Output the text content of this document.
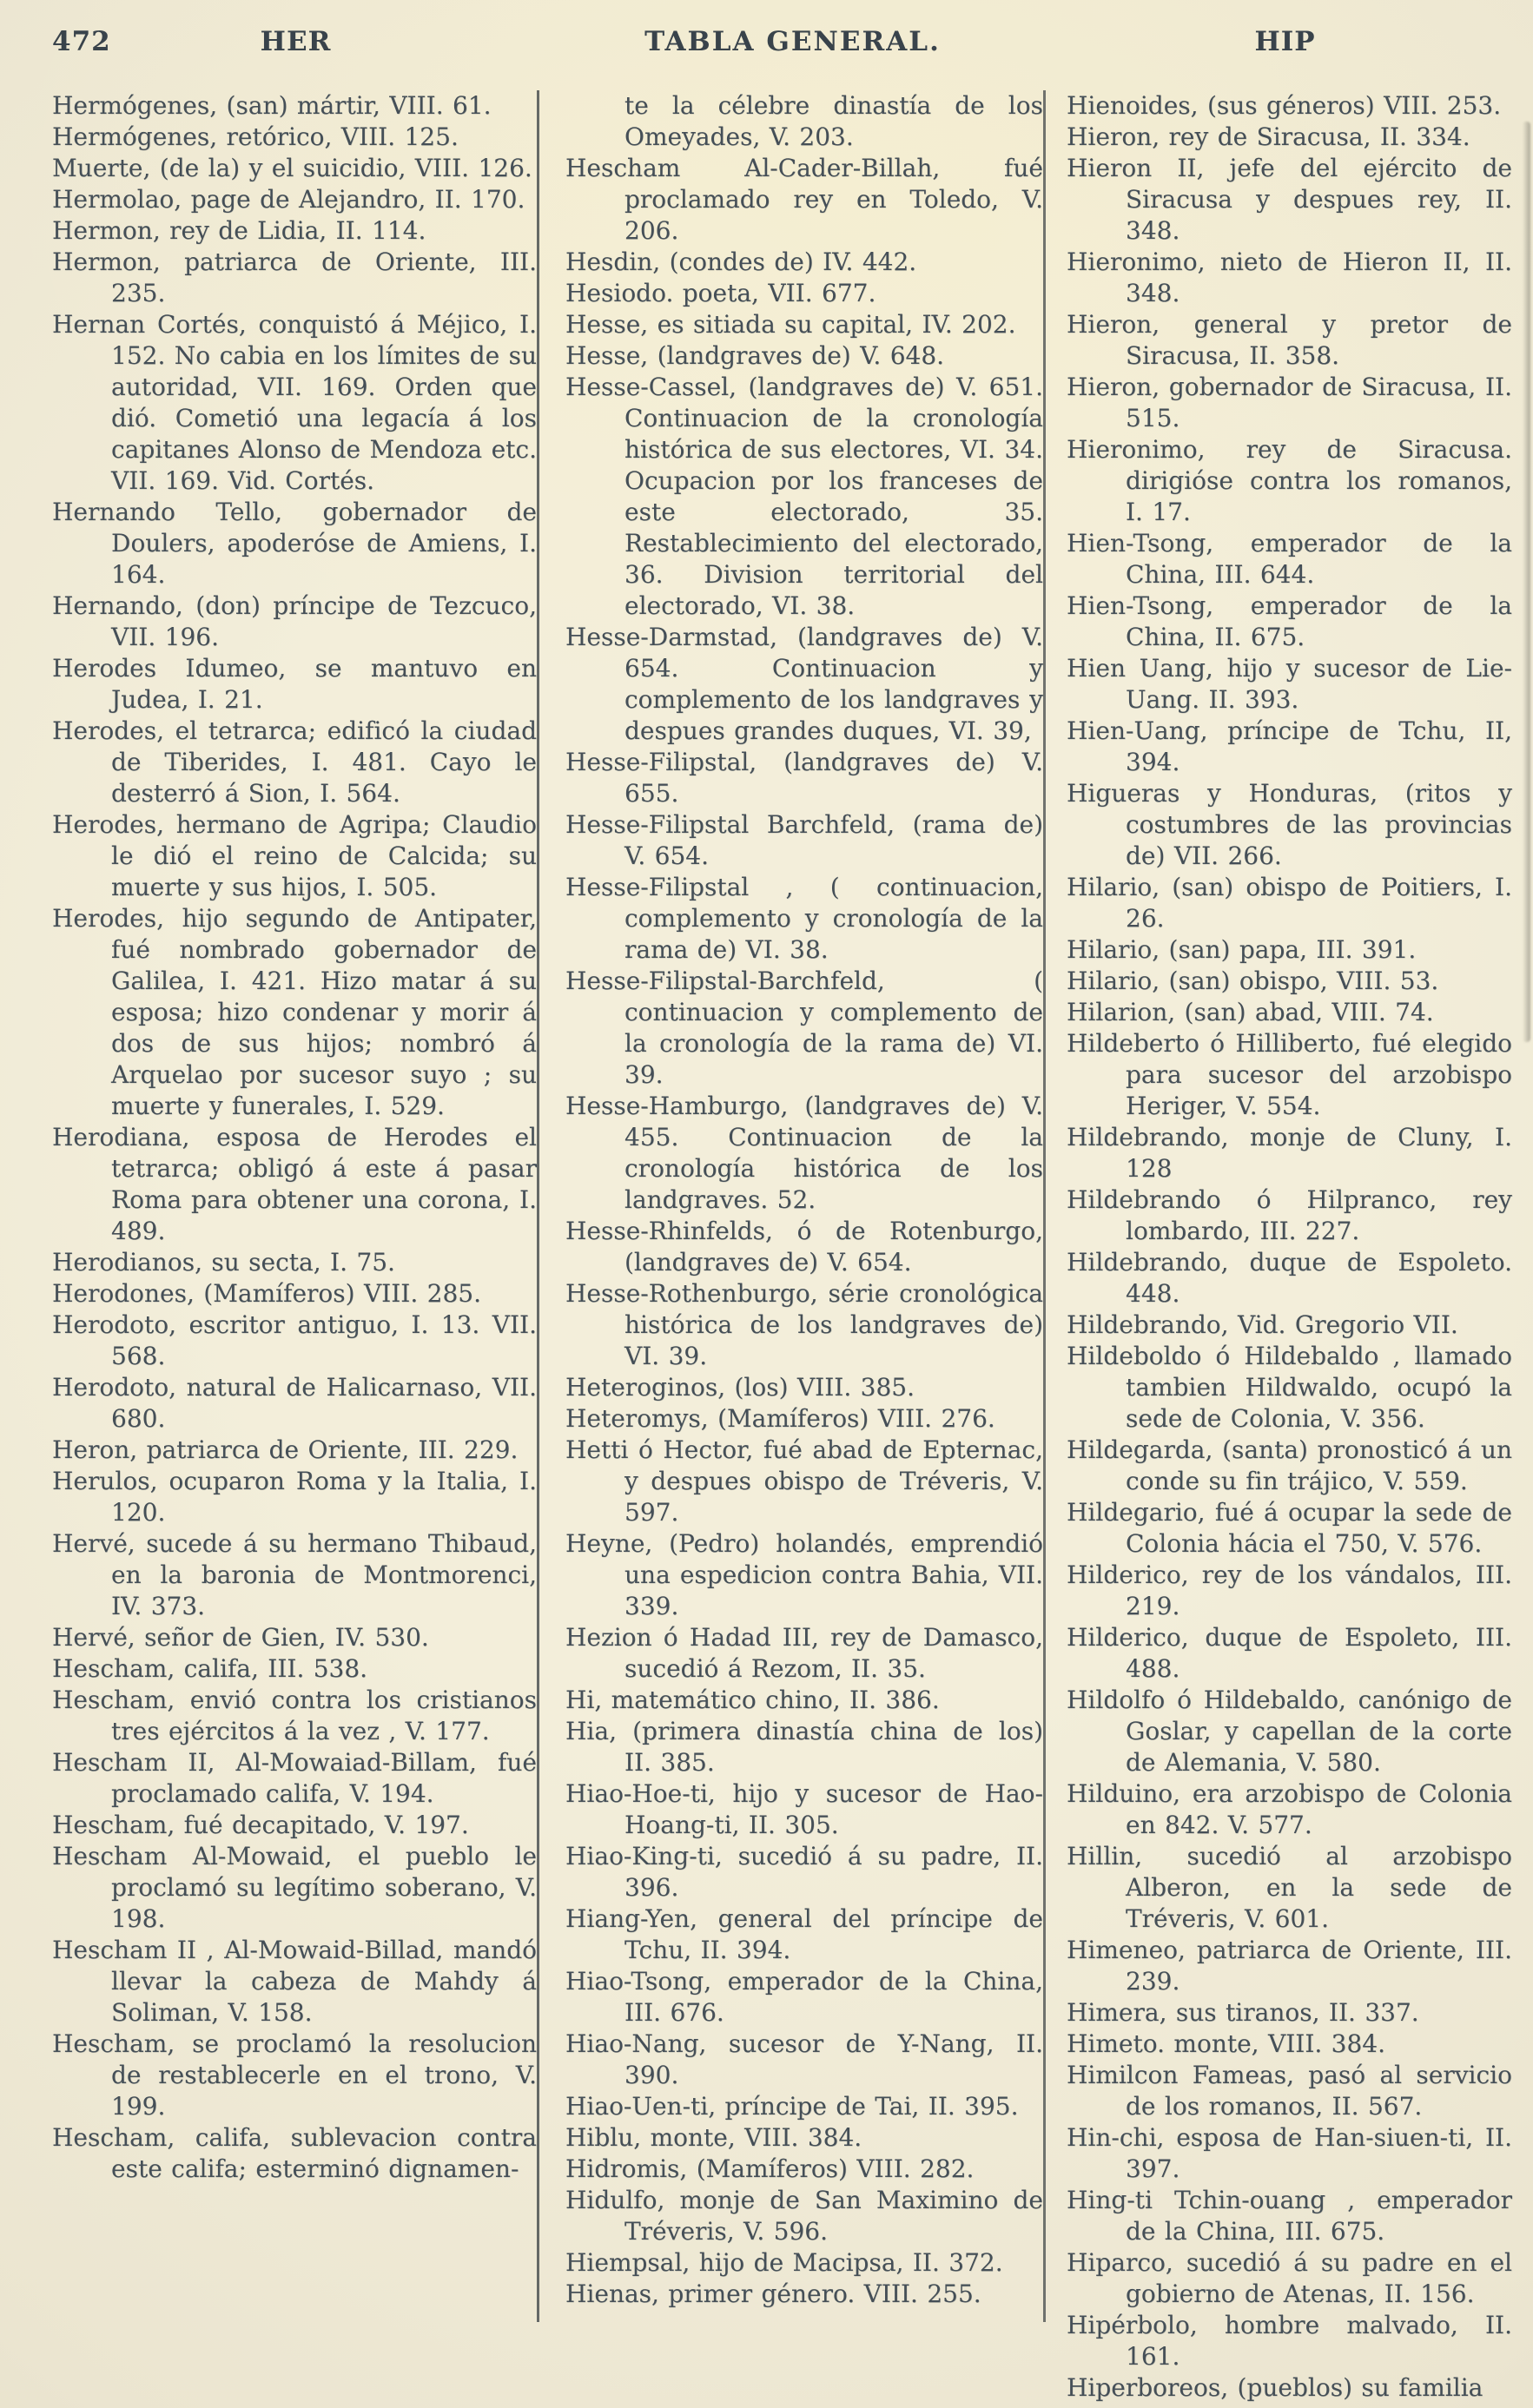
472	HER	TABLA GENERAL.	HIP

Hermógenes, (san) mártir, VIII. 61.

Hermógenes, retórico, VIII. 125.

Muerte, (de la) y el suicidio, VIII. 126.

Hermolao, page de Alejandro, II. 170.

Hermon, rey de Lidia, II. 114.

Hermon, patriarca de Oriente, III. 235.

Hernan Cortés, conquistó á Méjico, I. 152. No cabia en los límites de su autoridad, VII. 169. Orden que dió. Cometió una legacía á los capitanes Alonso de Mendoza etc. VII. 169. Vid. Cortés.

Hernando Tello, gobernador de Doulers, apoderóse de Amiens, I. 164.

Hernando, (don) príncipe de Tezcuco, VII. 196.

Herodes Idumeo, se mantuvo en Judea, I. 21.

Herodes, el tetrarca; edificó la ciudad de Tiberides, I. 481. Cayo le desterró á Sion, I. 564.

Herodes, hermano de Agripa; Claudio le dió el reino de Calcida; su muerte y sus hijos, I. 505.

Herodes, hijo segundo de Antipater, fué nombrado gobernador de Galilea, I. 421. Hizo matar á su esposa; hizo condenar y morir á dos de sus hijos; nombró á Arquelao por sucesor suyo ; su muerte y funerales, I. 529.

Herodiana, esposa de Herodes el tetrarca; obligó á este á pasar Roma para obtener una corona, I. 489.

Herodianos, su secta, I. 75.

Herodones, (Mamíferos) VIII. 285.

Herodoto, escritor antiguo, I. 13. VII. 568.

Herodoto, natural de Halicarnaso, VII. 680.

Heron, patriarca de Oriente, III. 229.

Herulos, ocuparon Roma y la Italia, I. 120.

Hervé, sucede á su hermano Thibaud, en la baronia de Montmorenci, IV. 373.

Hervé, señor de Gien, IV. 530.

Hescham, califa, III. 538.

Hescham, envió contra los cristianos tres ejércitos á la vez , V. 177.

Hescham II, Al-Mowaiad-Billam, fué proclamado califa, V. 194.

Hescham, fué decapitado, V. 197.

Hescham Al-Mowaid, el pueblo le proclamó su legítimo soberano, V. 198.

Hescham II , Al-Mowaid-Billad, mandó llevar la cabeza de Mahdy á Soliman, V. 158.

Hescham, se proclamó la resolucion de restablecerle en el trono, V. 199.

Hescham, califa, sublevacion contra este califa; esterminó dignamen-

te la célebre dinastía de los Omeyades, V. 203.

Hescham Al-Cader-Billah, fué proclamado rey en Toledo, V. 206.

Hesdin, (condes de) IV. 442.

Hesiodo. poeta, VII. 677.

Hesse, es sitiada su capital, IV. 202.

Hesse, (landgraves de) V. 648.

Hesse-Cassel, (landgraves de) V. 651. Continuacion de la cronología histórica de sus electores, VI. 34. Ocupacion por los franceses de este electorado, 35. Restablecimiento del electorado, 36. Division territorial del electorado, VI. 38.

Hesse-Darmstad, (landgraves de) V. 654. Continuacion y complemento de los landgraves y despues grandes duques, VI. 39,

Hesse-Filipstal, (landgraves de) V. 655.

Hesse-Filipstal Barchfeld, (rama de) V. 654.

Hesse-Filipstal , ( continuacion, complemento y cronología de la rama de) VI. 38.

Hesse-Filipstal-Barchfeld, ( continuacion y complemento de la cronología de la rama de) VI. 39.

Hesse-Hamburgo, (landgraves de) V. 455. Continuacion de la cronología histórica de los landgraves. 52.

Hesse-Rhinfelds, ó de Rotenburgo, (landgraves de) V. 654.

Hesse-Rothenburgo, série cronológica histórica de los landgraves de) VI. 39.

Heteroginos, (los) VIII. 385.

Heteromys, (Mamíferos) VIII. 276.

Hetti ó Hector, fué abad de Epternac, y despues obispo de Tréveris, V. 597.

Heyne, (Pedro) holandés, emprendió una espedicion contra Bahia, VII. 339.

Hezion ó Hadad III, rey de Damasco, sucedió á Rezom, II. 35.

Hi, matemático chino, II. 386.

Hia, (primera dinastía china de los) II. 385.

Hiao-Hoe-ti, hijo y sucesor de Hao-Hoang-ti, II. 305.

Hiao-King-ti, sucedió á su padre, II. 396.

Hiang-Yen, general del príncipe de Tchu, II. 394.

Hiao-Tsong, emperador de la China, III. 676.

Hiao-Nang, sucesor de Y-Nang, II. 390.

Hiao-Uen-ti, príncipe de Tai, II. 395.

Hiblu, monte, VIII. 384.

Hidromis, (Mamíferos) VIII. 282.

Hidulfo, monje de San Maximino de Tréveris, V. 596.

Hiempsal, hijo de Macipsa, II. 372.

Hienas, primer género. VIII. 255.

Hienoides, (sus géneros) VIII. 253.

Hieron, rey de Siracusa, II. 334.

Hieron II, jefe del ejército de Siracusa y despues rey, II. 348.

Hieronimo, nieto de Hieron II, II. 348.

Hieron, general y pretor de Siracusa, II. 358.

Hieron, gobernador de Siracusa, II. 515.

Hieronimo, rey de Siracusa. dirigióse contra los romanos, I. 17.

Hien-Tsong, emperador de la China, III. 644.

Hien-Tsong, emperador de la China, II. 675.

Hien Uang, hijo y sucesor de Lie-Uang. II. 393.

Hien-Uang, príncipe de Tchu, II, 394.

Higueras y Honduras, (ritos y costumbres de las provincias de) VII. 266.

Hilario, (san) obispo de Poitiers, I. 26.

Hilario, (san) papa, III. 391.

Hilario, (san) obispo, VIII. 53.

Hilarion, (san) abad, VIII. 74.

Hildeberto ó Hilliberto, fué elegido para sucesor del arzobispo Heriger, V. 554.

Hildebrando, monje de Cluny, I. 128

Hildebrando ó Hilpranco, rey lombardo, III. 227.

Hildebrando, duque de Espoleto. 448.

Hildebrando, Vid. Gregorio VII.

Hildeboldo ó Hildebaldo , llamado tambien Hildwaldo, ocupó la sede de Colonia, V. 356.

Hildegarda, (santa) pronosticó á un conde su fin trájico, V. 559.

Hildegario, fué á ocupar la sede de Colonia hácia el 750, V. 576.

Hilderico, rey de los vándalos, III. 219.

Hilderico, duque de Espoleto, III. 488.

Hildolfo ó Hildebaldo, canónigo de Goslar, y capellan de la corte de Alemania, V. 580.

Hilduino, era arzobispo de Colonia en 842. V. 577.

Hillin, sucedió al arzobispo Alberon, en la sede de Tréveris, V. 601.

Himeneo, patriarca de Oriente, III. 239.

Himera, sus tiranos, II. 337.

Himeto. monte, VIII. 384.

Himilcon Fameas, pasó al servicio de los romanos, II. 567.

Hin-chi, esposa de Han-siuen-ti, II. 397.

Hing-ti Tchin-ouang , emperador de la China, III. 675.

Hiparco, sucedió á su padre en el gobierno de Atenas, II. 156.

Hipérbolo, hombre malvado, II. 161.

Hiperboreos, (pueblos) su familia
